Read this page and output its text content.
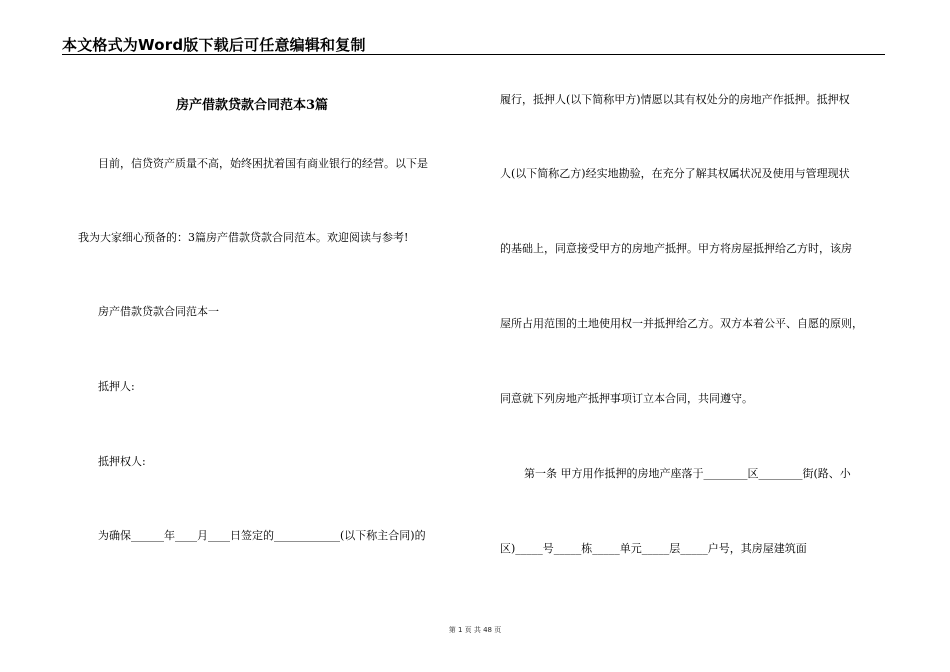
本文格式为Word版下载后可任意编辑和复制
房产借款贷款合同范本3篇
目前，信贷资产质量不高，始终困扰着国有商业银行的经营。以下是
我为大家细心预备的：3篇房产借款贷款合同范本。欢迎阅读与参考!
房产借款贷款合同范本一
抵押人:
抵押权人:
为确保______年____月____日签定的____________(以下称主合同)的
履行，抵押人(以下简称甲方)情愿以其有权处分的房地产作抵押。抵押权
人(以下简称乙方)经实地勘验，在充分了解其权属状况及使用与管理现状
的基础上，同意接受甲方的房地产抵押。甲方将房屋抵押给乙方时，该房
屋所占用范围的土地使用权一并抵押给乙方。双方本着公平、自愿的原则，
同意就下列房地产抵押事项订立本合同，共同遵守。
第一条 甲方用作抵押的房地产座落于________区________街(路、小
区)_____号_____栋_____单元_____层_____户号，其房屋建筑面
第 1 页 共 48 页
